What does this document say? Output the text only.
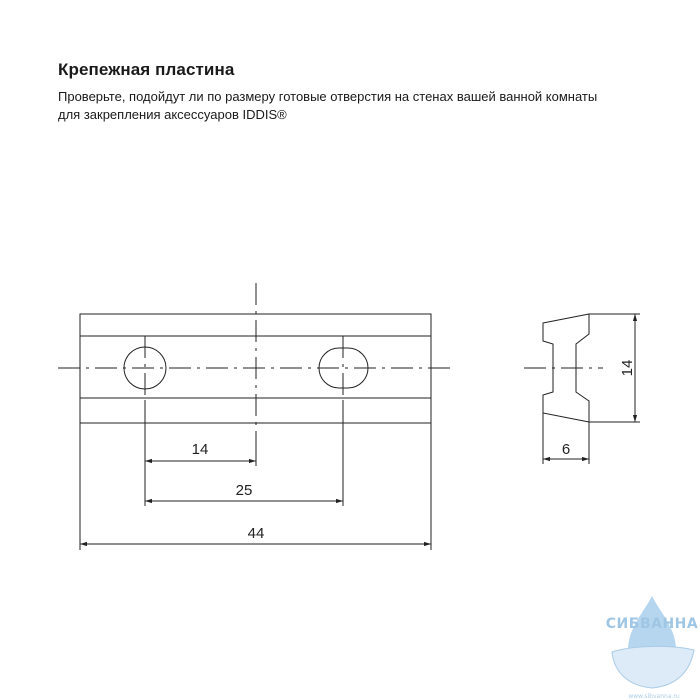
Крепежная пластина

Проверьте, подойдут ли по размеру готовые отверстия на стенах вашей ванной комнаты
для закрепления аксессуаров IDDIS®

14
25
44
6
14
СИБВАННА
www.sibvanna.ru
